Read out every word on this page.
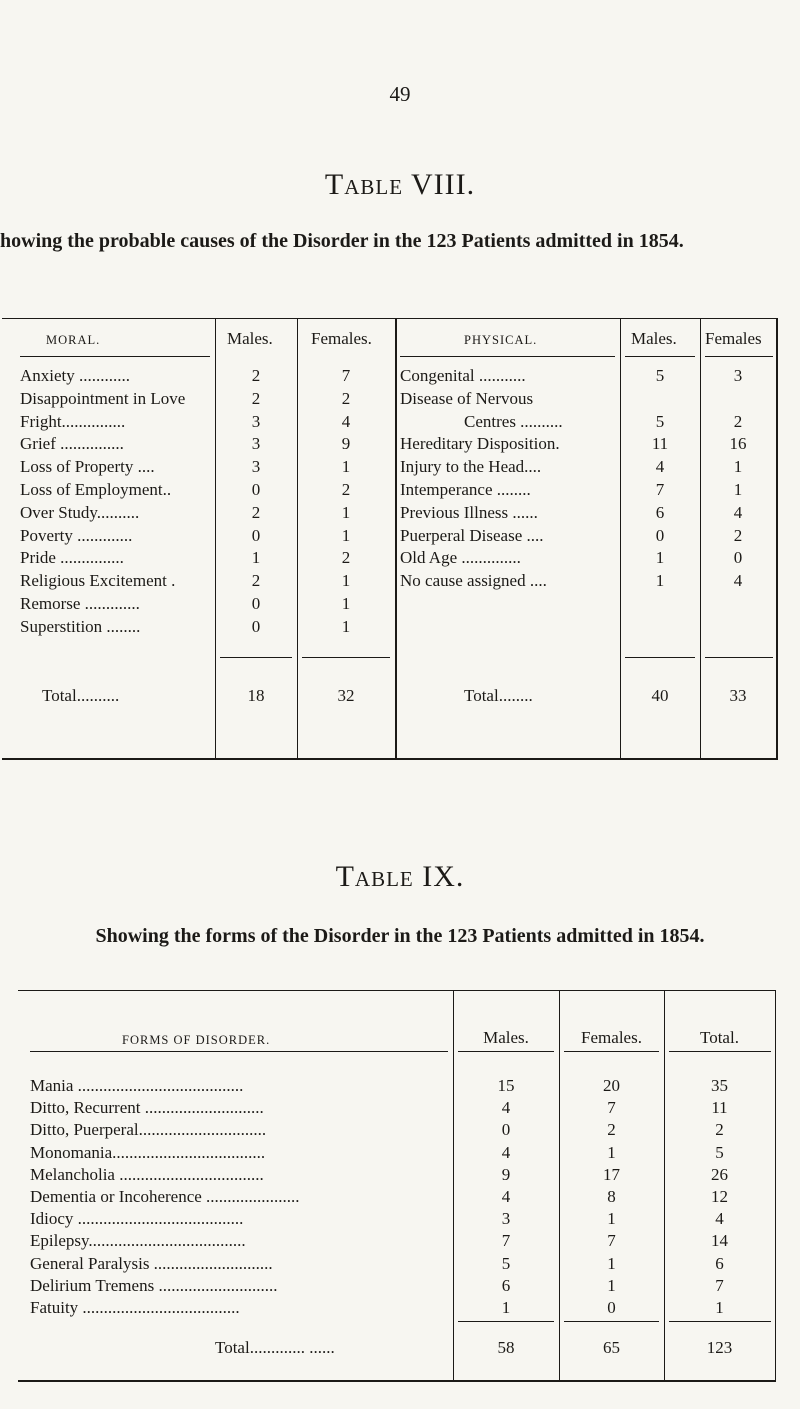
49
Table VIII.
howing the probable causes of the Disorder in the 123 Patients admitted in 1854.
MORAL.	Males. Females.	PHYSICAL.	Males. Females
Anxiety ............	2	7
Disappointment in Love	2	2
Fright...............	3	4
Grief ...............	3	9
Loss of Property ....	3	1
Loss of Employment..	0	2
Over Study..........	2	1
Poverty .............	0	1
Pride ...............	1	2
Religious Excitement .	2	1
Remorse .............	0	1
Superstition ........	0	1
Congenital ...........	5	3
Disease of Nervous
Centres ..........	5	2
Hereditary Disposition.	11	16
Injury to the Head....	4	1
Intemperance ........	7	1
Previous Illness ......	6	4
Puerperal Disease ....	0	2
Old Age ..............	1	0
No cause assigned ....	1	4
Total..........	18	32	Total........	40	33
Table IX.
Showing the forms of the Disorder in the 123 Patients admitted in 1854.
FORMS OF DISORDER.	Males.	Females.	Total.
Mania .......................................	15	20	35
Ditto, Recurrent ............................	4	7	11
Ditto, Puerperal..............................	0	2	2
Monomania....................................	4	1	5
Melancholia ..................................	9	17	26
Dementia or Incoherence ......................	4	8	12
Idiocy .......................................	3	1	4
Epilepsy.....................................	7	7	14
General Paralysis ............................	5	1	6
Delirium Tremens ............................	6	1	7
Fatuity .....................................	1	0	1
Total............. ......	58	65	123
